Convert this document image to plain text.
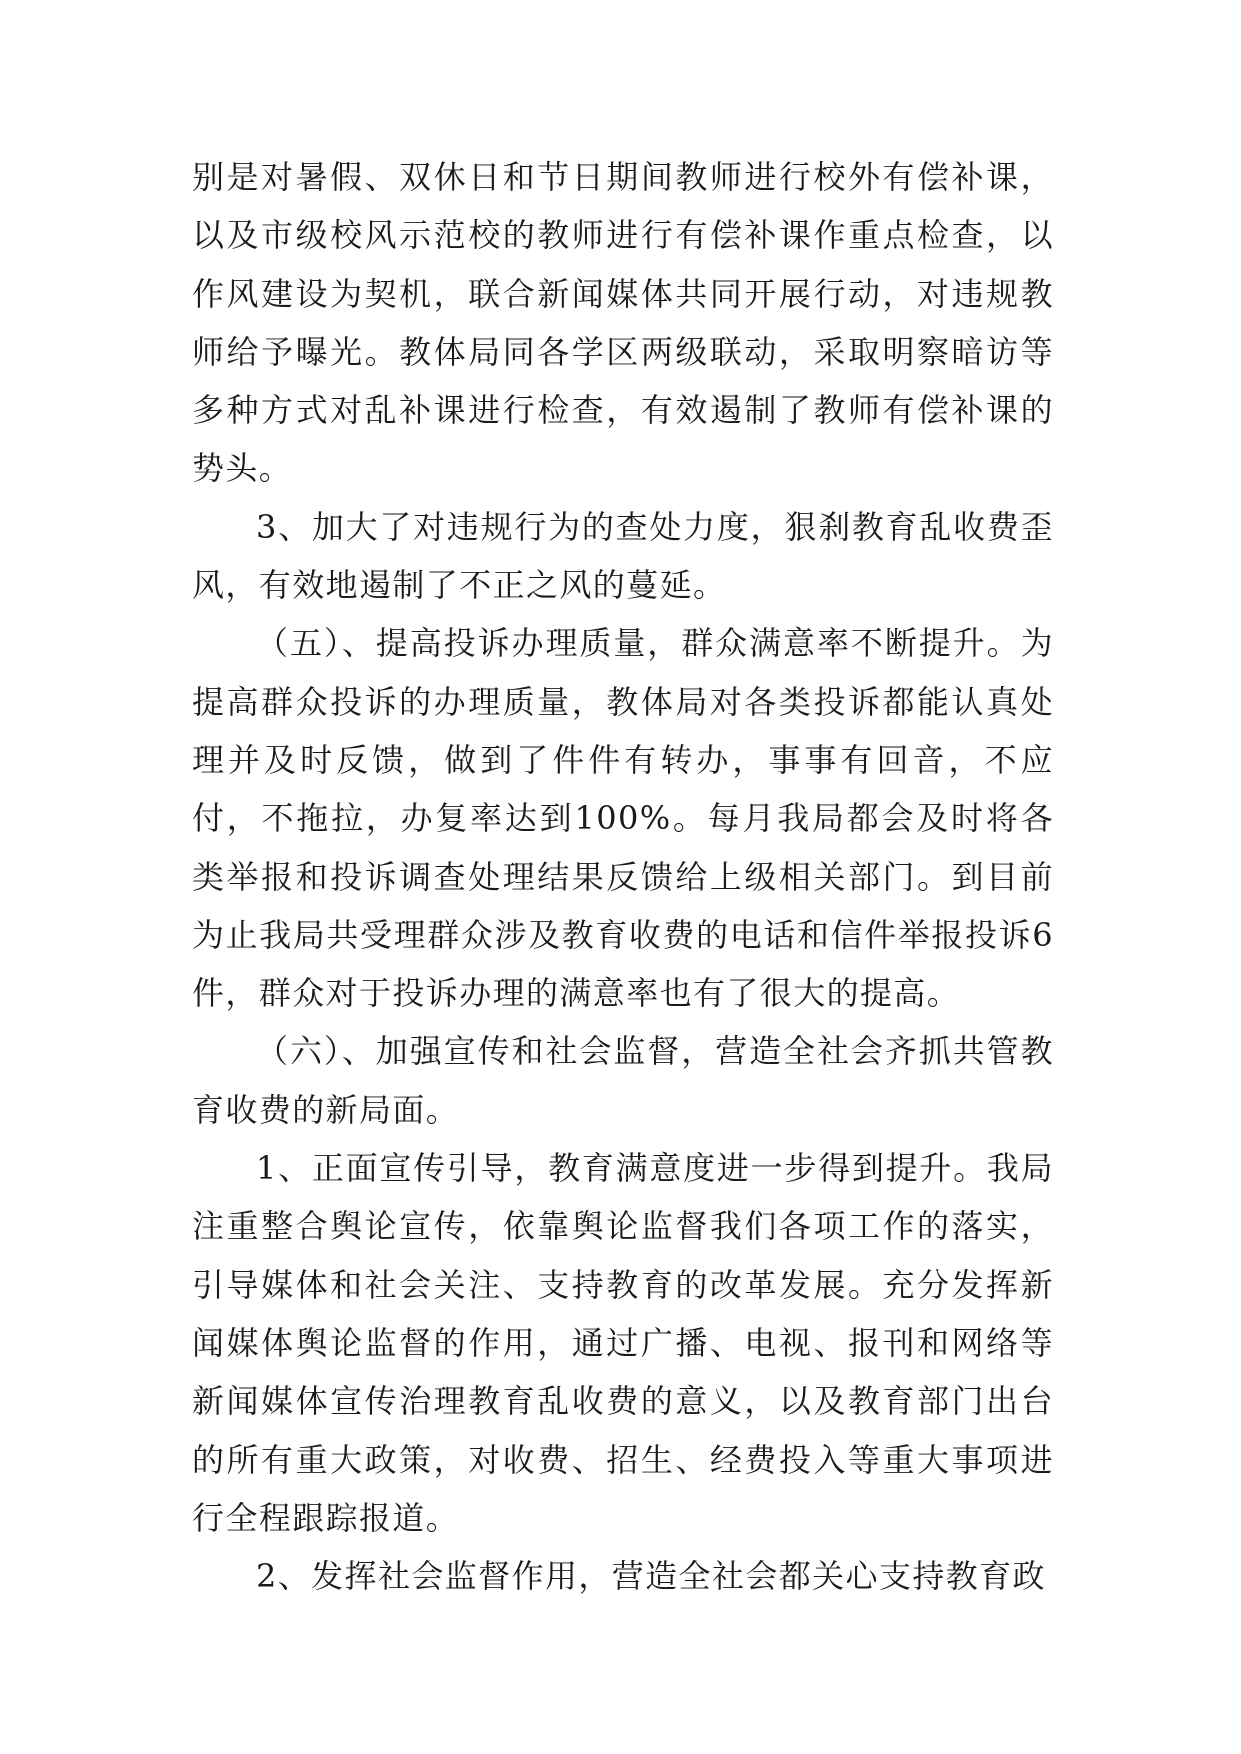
别是对暑假、双休日和节日期间教师进行校外有偿补课，以及市级校风示范校的教师进行有偿补课作重点检查，以作风建设为契机，联合新闻媒体共同开展行动，对违规教师给予曝光。教体局同各学区两级联动，采取明察暗访等多种方式对乱补课进行检查，有效遏制了教师有偿补课的势头。

3、加大了对违规行为的查处力度，狠刹教育乱收费歪风，有效地遏制了不正之风的蔓延。

（五）、提高投诉办理质量，群众满意率不断提升。为提高群众投诉的办理质量，教体局对各类投诉都能认真处理并及时反馈，做到了件件有转办，事事有回音，不应付，不拖拉，办复率达到100%。每月我局都会及时将各类举报和投诉调查处理结果反馈给上级相关部门。到目前为止我局共受理群众涉及教育收费的电话和信件举报投诉6件，群众对于投诉办理的满意率也有了很大的提高。

（六）、加强宣传和社会监督，营造全社会齐抓共管教育收费的新局面。

1、正面宣传引导，教育满意度进一步得到提升。我局注重整合舆论宣传，依靠舆论监督我们各项工作的落实，引导媒体和社会关注、支持教育的改革发展。充分发挥新闻媒体舆论监督的作用，通过广播、电视、报刊和网络等新闻媒体宣传治理教育乱收费的意义，以及教育部门出台的所有重大政策，对收费、招生、经费投入等重大事项进行全程跟踪报道。

2、发挥社会监督作用，营造全社会都关心支持教育政
